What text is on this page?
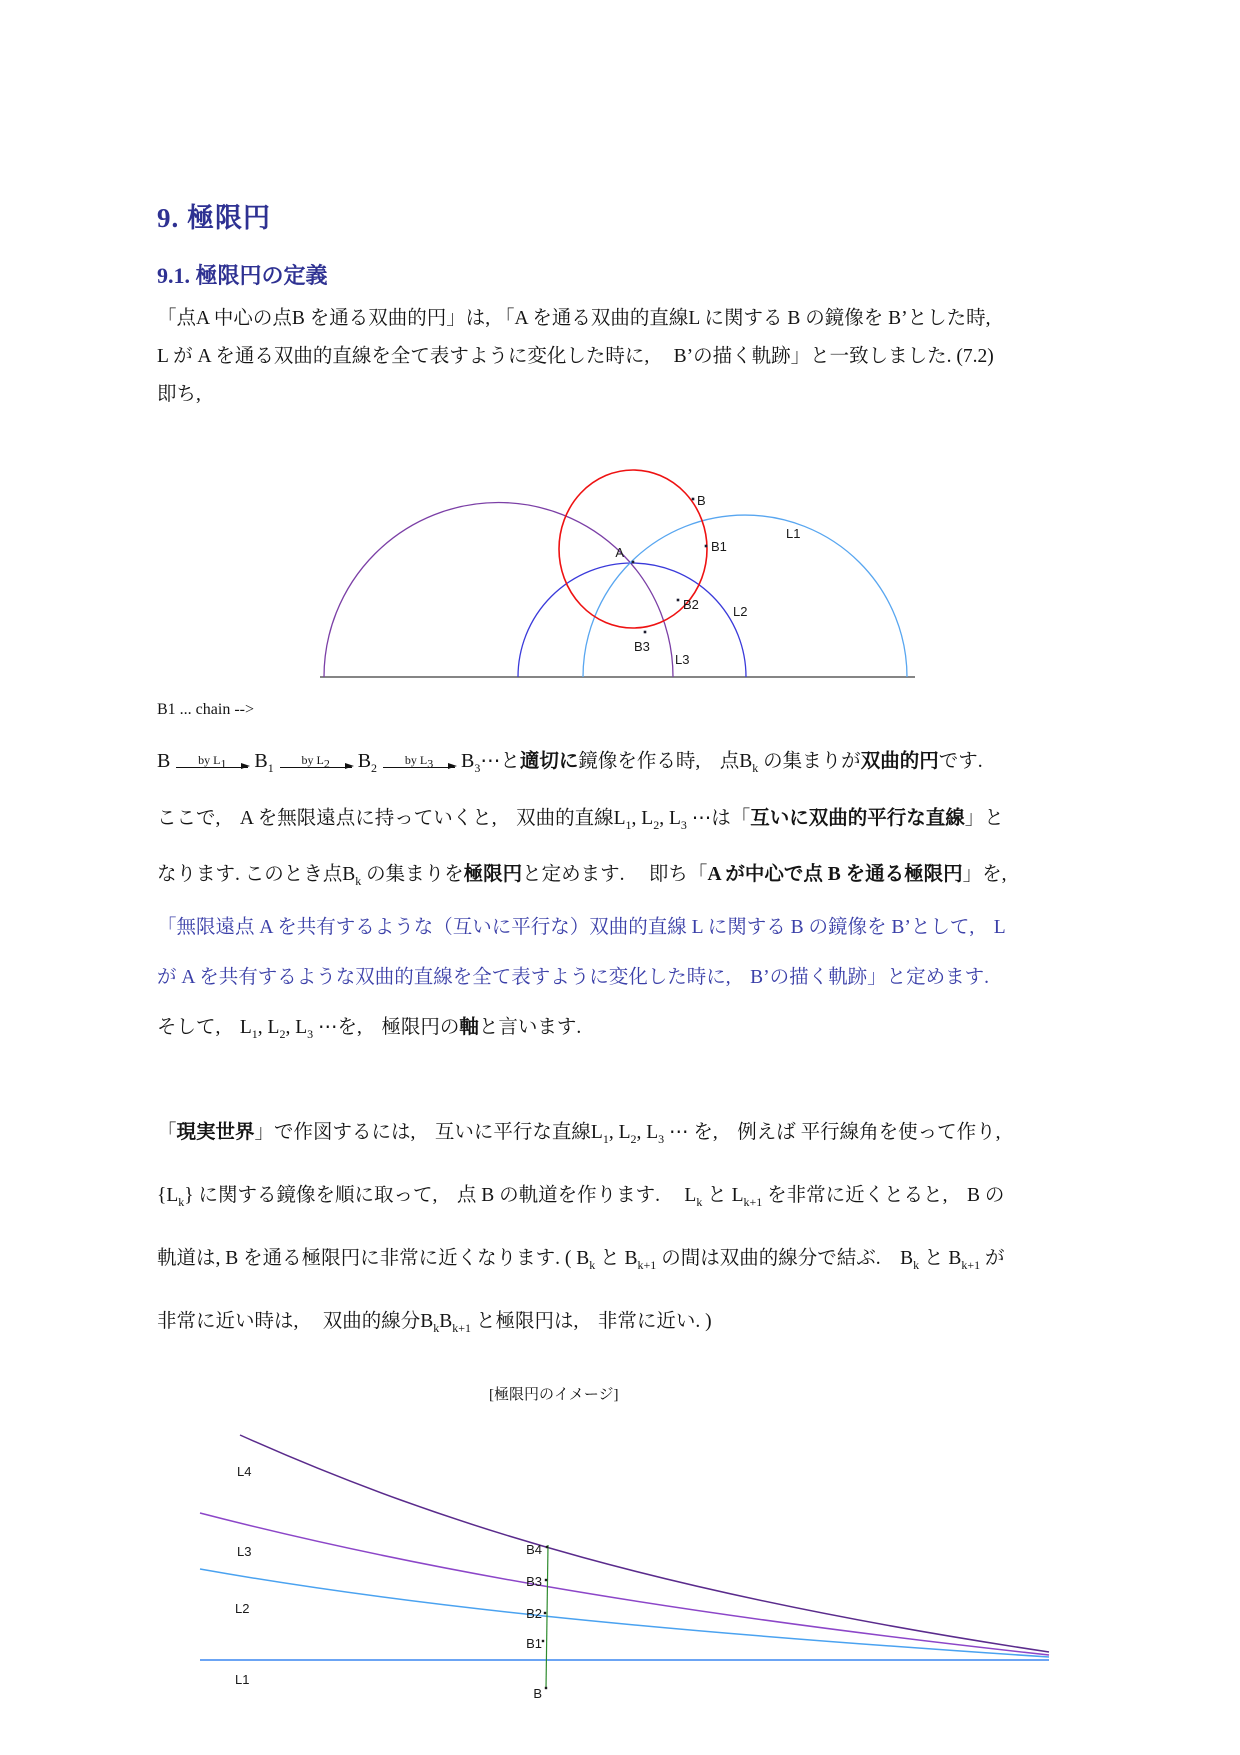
9. 極限円
9.1. 極限円の定義

「点A 中心の点B を通る双曲的円」は, 「A を通る双曲的直線L に関する B の鏡像を B’とした時,

L が A を通る双曲的直線を全て表すように変化した時に,　 B’の描く軌跡」と一致しました. (7.2)

即ち,

A
B
B1
B2
B3
L1
L2
L3
B1 ... chain -->
B by $L_1$ $B_1$
by $L_2$ $B_2$
by $L_3$ $B_3$ ⋯ と適切に鏡像を作る時,　点$B_k$ の集まりが双曲的円です.

ここで,　A を無限遠点に持っていくと,　双曲的直線$L_1$, $L_2$, $L_3$ ⋯は「互いに双曲的平行な直線」と

なります. このとき点$B_k$ の集まりを極限円と定めます.　 即ち「A が中心で点 B を通る極限円」を,

「無限遠点 A を共有するような（互いに平行な）双曲的直線 L に関する B の鏡像を B’として,　L

が A を共有するような双曲的直線を全て表すように変化した時に,　B’の描く軌跡」と定めます.

そして,　$L_1$, $L_2$, $L_3$ ⋯を,　極限円の軸と言います.

「現実世界」で作図するには,　互いに平行な直線$L_1$, $L_2$, $L_3$ ⋯ を,　例えば 平行線角を使って作り,

$\{L_k\}$ に関する鏡像を順に取って,　点 B の軌道を作ります.　 $L_k$ と $L_{k+1}$ を非常に近くとると,　B の

軌道は, B を通る極限円に非常に近くなります. ( $B_k$ と $B_{k+1}$ の間は双曲的線分で結ぶ.　$B_k$ と $B_{k+1}$ が

非常に近い時は,　 双曲的線分$B_kB_{k+1}$ と極限円は,　非常に近い. )

[極限円のイメージ]

L4
L3
L2
L1
B4
B3
B2
B1
B
